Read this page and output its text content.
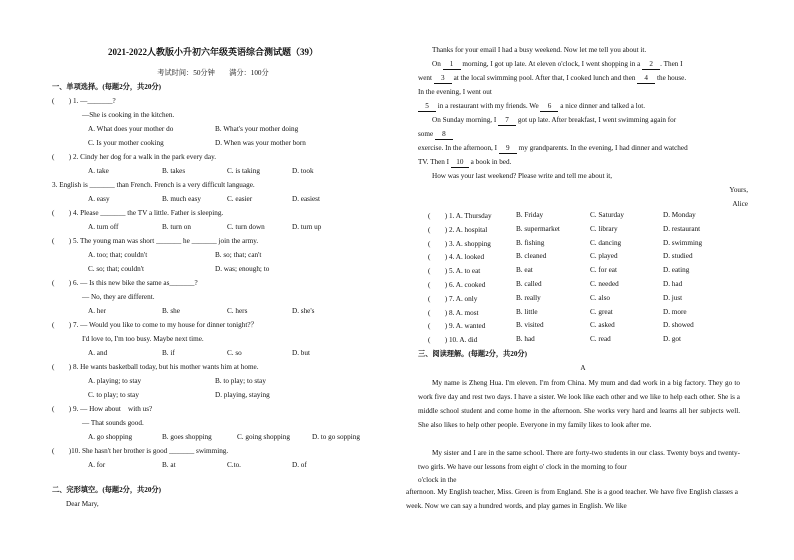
2021-2022人教版小升初六年级英语综合测试题（39）
考试时间：50分钟　　满分：100分
一、单项选择。(每题2分，共20分)
(　　) 1. —_______?
—She is cooking in the kitchen.
A. What does your mother do	B. What's your mother doing
C. Is your mother cooking	D. When was your mother born
(　　) 2. Cindy her dog for a walk in the park every day.
A. take	B. takes	C. is taking	D. took
3. English is _______ than French. French is a very difficult language.
A. easy	B. much easy	C. easier	D. easiest
(　　) 4. Please _______ the TV a little. Father is sleeping.
A. turn off	B. turn on	C. turn down	D. turn up
(　　) 5. The young man was short _______ he _______ join the army.
A. too; that; couldn't	B. so; that; can't
C. so; that; couldn't	D. was; enough; to
(　　) 6. — Is this new bike the same as_______?
— No, they are different.
A. her	B. she	C. hers	D. she's
(　　) 7. — Would you like to come to my house for dinner tonight?？
I'd love to, I'm too busy. Maybe next time.
A. and	B. if	C. so	D. but
(　　) 8. He wants basketball today, but his mother wants him at home.
A. playing; to stay	B. to play; to stay
C. to play; to stay	D. playing, staying
(　　) 9. — How about　with us?
— That sounds good.
A. go shopping	B. goes shopping	C. going shopping	D. to go sopping
(　　)10. She hasn't her brother is good _______ swimming.
A. for	B. at	C.to.	D. of
二、完形填空。(每题2分，共20分)
Dear Mary,
Thanks for your email I had a busy weekend. Now let me tell you about it.
On 1 morning, I got up late. At eleven o'clock, I went shopping in a 2 . Then I
went 3 at the local swimming pool. After that, I cooked lunch and then 4 the house.
In the evening, I went out
5 in a restaurant with my friends. We 6 a nice dinner and talked a lot.
On Sunday morning, I 7 got up late. After breakfast, I went swimming again for
some 8
exercise. In the afternoon, I 9 my grandparents. In the evening, I had dinner and watched
TV. Then I 10 a book in bed.
How was your last weekend? Please write and tell me about it,
Yours,
Alice
(　　) 1. A. Thursday	B. Friday	C. Saturday	D. Monday
(　　) 2. A. hospital	B. supermarket	C. library	D. restaurant
(　　) 3. A. shopping	B. fishing	C. dancing	D. swimming
(　　) 4. A. looked	B. cleaned	C. played	D. studied
(　　) 5. A. to eat	B. eat	C. for eat	D. eating
(　　) 6. A. cooked	B. called	C. needed	D. had
(　　) 7. A. only	B. really	C. also	D. just
(　　) 8. A. most	B. little	C. great	D. more
(　　) 9. A. wanted	B. visited	C. asked	D. showed
(　　) 10. A. did	B. had	C. read	D. got
三、阅读理解。(每题2分，共20分)
A
My name is Zheng Hua. I'm eleven. I'm from China. My mum and dad work in a big factory. They go to work five day and rest two days. I have a sister. We look like each other and we like to help each other. She is a middle school student and come home in the afternoon. She works very hard and learns all her subjects well. She also likes to help other people. Everyone in my family likes to look after me.
My sister and I are in the same school. There are forty-two students in our class. Twenty boys and twenty-two girls. We have our lessons from eight o' clock in the morning to four
o'clock in the
afternoon. My English teacher, Miss. Green is from England. She is a good teacher. We have five English classes a week. Now we can say a hundred words, and play games in English. We like
